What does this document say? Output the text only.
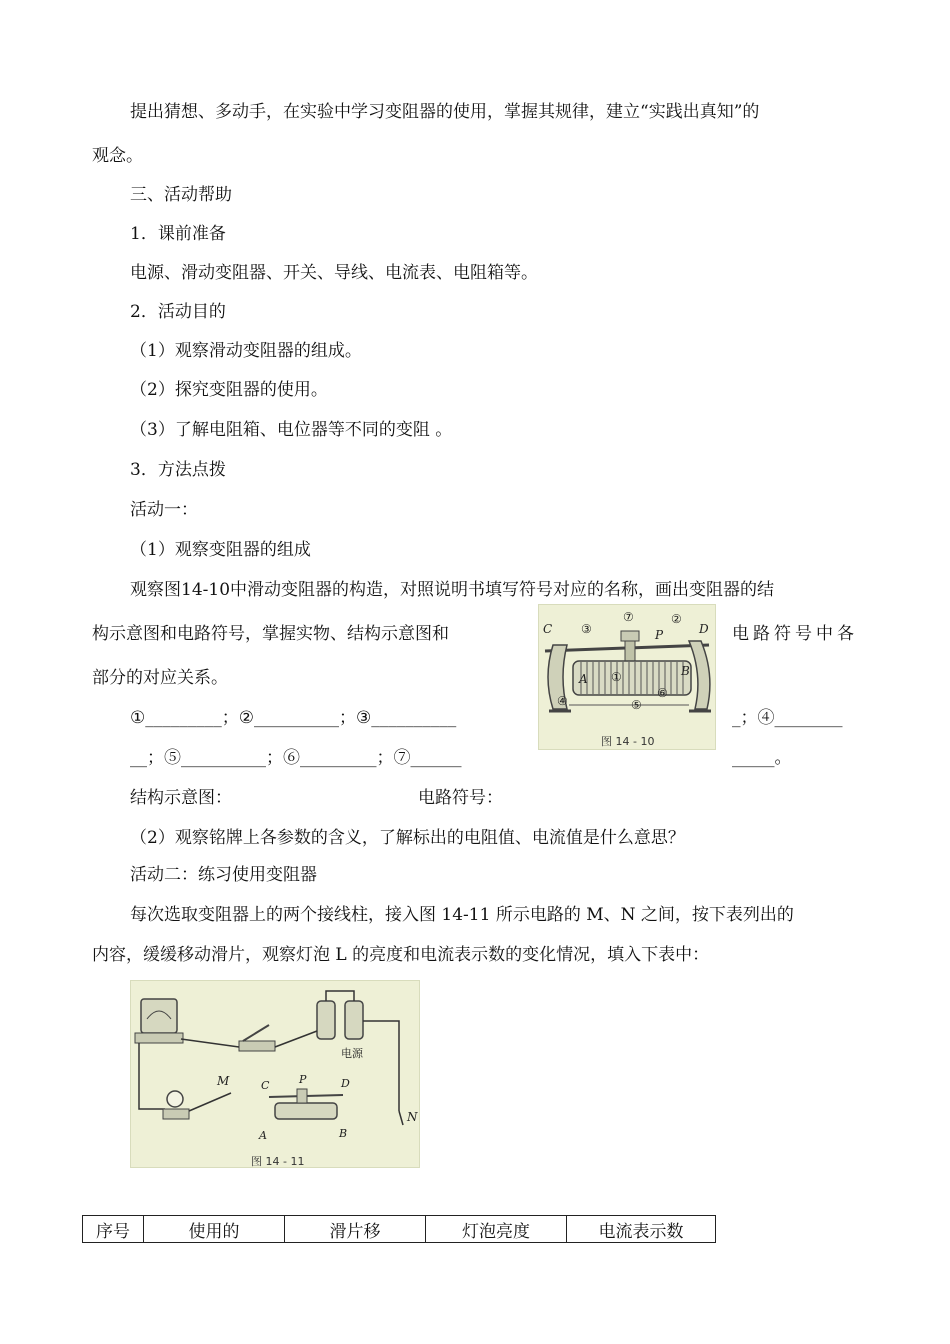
提出猜想、多动手，在实验中学习变阻器的使用，掌握其规律，建立“实践出真知”的
观念。
三、活动帮助
1．课前准备
电源、滑动变阻器、开关、导线、电流表、电阻箱等。
2．活动目的
（1）观察滑动变阻器的组成。
（2）探究变阻器的使用。
（3）了解电阻箱、电位器等不同的变阻 。
3．方法点拨
活动一：
（1）观察变阻器的组成
观察图14-10中滑动变阻器的构造，对照说明书填写符号对应的名称，画出变阻器的结
构示意图和电路符号，掌握实物、结构示意图和	电路符号中各
部分的对应关系。
①_________；②__________；③__________	_；④________
__；⑤__________；⑥_________；⑦______	_____。
结构示意图：	电路符号：
（2）观察铭牌上各参数的含义，了解标出的电阻值、电流值是什么意思？
活动二：练习使用变阻器
每次选取变阻器上的两个接线柱，接入图 14-11 所示电路的 M、N 之间，按下表列出的
内容，缓缓移动滑片，观察灯泡 L 的亮度和电流表示数的变化情况，填入下表中：
C	D
P
A
B
①
②
③
④	⑤
⑥
⑦
图 14 - 10
电源
M	C	P	D
A	B
N
图 14 - 11
序号	使用的	滑片移	灯泡亮度	电流表示数
